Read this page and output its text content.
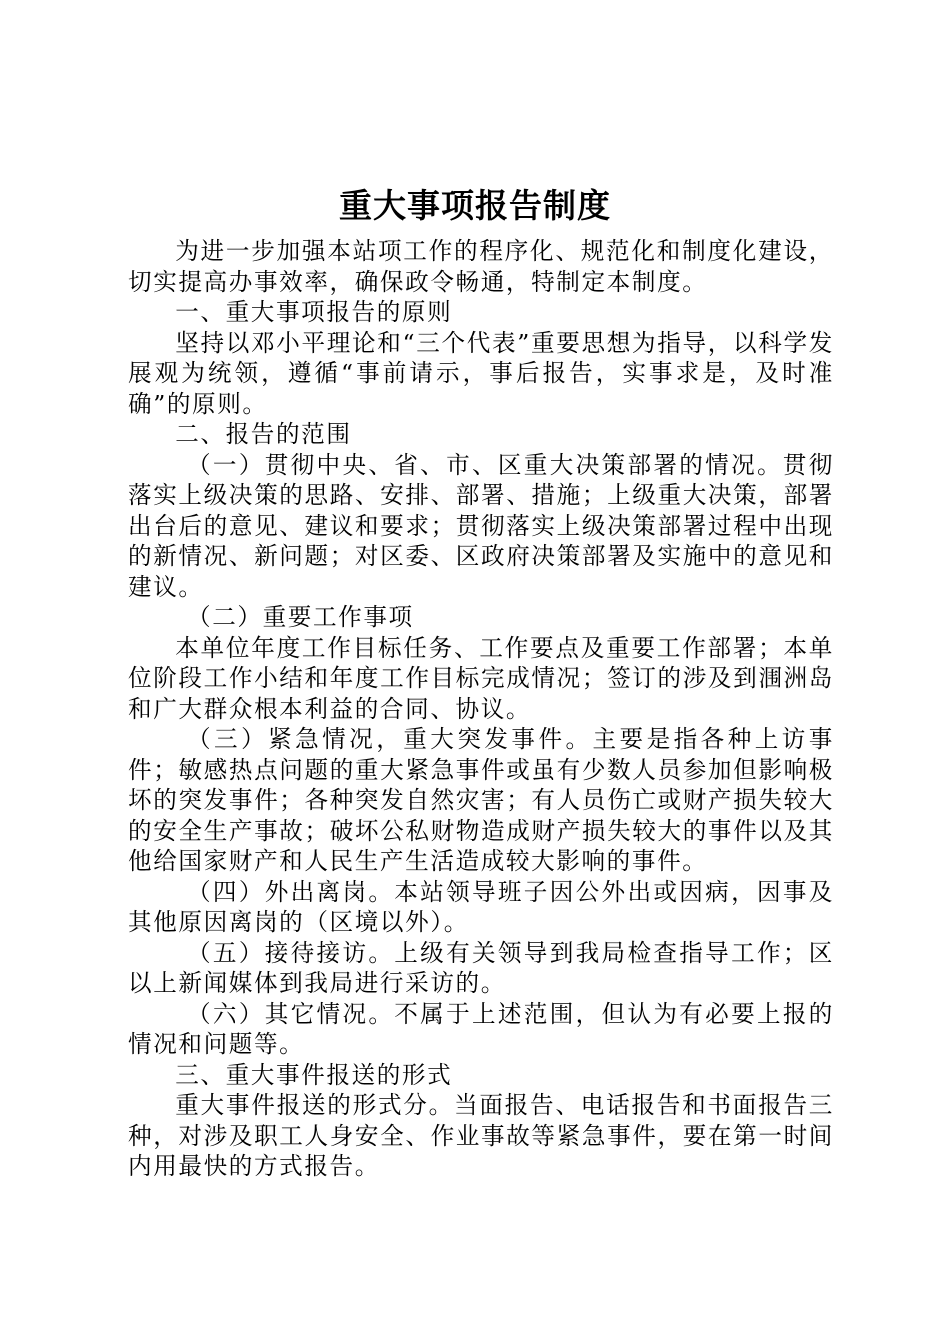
重大事项报告制度

为进一步加强本站项工作的程序化、规范化和制度化建设，切实提高办事效率，确保政令畅通，特制定本制度。

一、重大事项报告的原则

坚持以邓小平理论和“三个代表”重要思想为指导，以科学发展观为统领，遵循“事前请示，事后报告，实事求是，及时准确”的原则。

二、报告的范围

（一）贯彻中央、省、市、区重大决策部署的情况。贯彻落实上级决策的思路、安排、部署、措施；上级重大决策，部署出台后的意见、建议和要求；贯彻落实上级决策部署过程中出现的新情况、新问题；对区委、区政府决策部署及实施中的意见和建议。

（二）重要工作事项

本单位年度工作目标任务、工作要点及重要工作部署；本单位阶段工作小结和年度工作目标完成情况；签订的涉及到涠洲岛和广大群众根本利益的合同、协议。

（三）紧急情况，重大突发事件。主要是指各种上访事件；敏感热点问题的重大紧急事件或虽有少数人员参加但影响极坏的突发事件；各种突发自然灾害；有人员伤亡或财产损失较大的安全生产事故；破坏公私财物造成财产损失较大的事件以及其他给国家财产和人民生产生活造成较大影响的事件。

（四）外出离岗。本站领导班子因公外出或因病，因事及其他原因离岗的（区境以外）。

（五）接待接访。上级有关领导到我局检查指导工作；区以上新闻媒体到我局进行采访的。

（六）其它情况。不属于上述范围，但认为有必要上报的情况和问题等。

三、重大事件报送的形式

重大事件报送的形式分。当面报告、电话报告和书面报告三种，对涉及职工人身安全、作业事故等紧急事件，要在第一时间内用最快的方式报告。
